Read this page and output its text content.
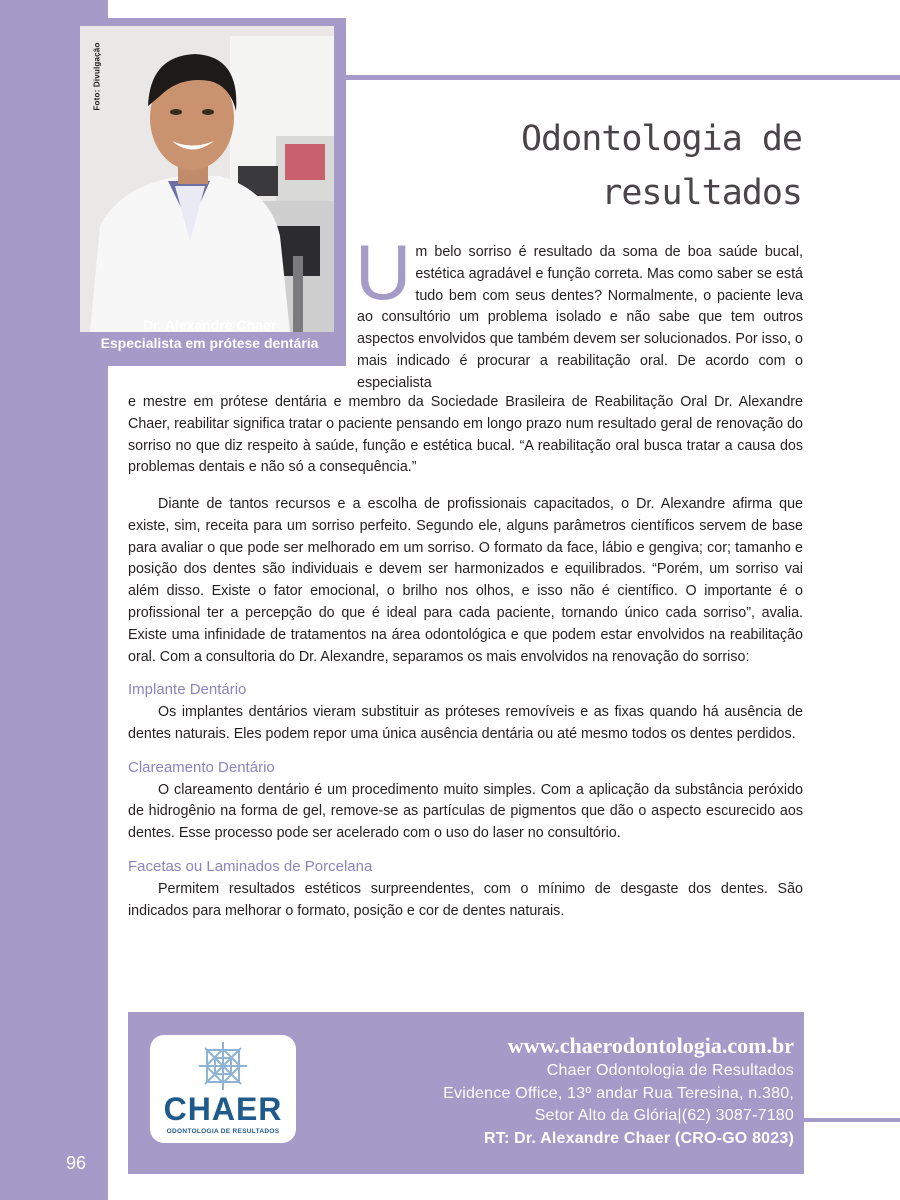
96
Foto: Divulgação
Dr. Alexandre Chaer
Especialista em prótese dentária
Odontologia de
resultados
Um belo sorriso é resultado da soma de boa saúde bucal, estética agradável e função correta. Mas como saber se está tudo bem com seus dentes? Normalmente, o paciente leva ao consultório um problema isolado e não sabe que tem outros aspectos envolvidos que também devem ser solucionados. Por isso, o mais indicado é procurar a reabilitação oral. De acordo com o especialista
e mestre em prótese dentária e membro da Sociedade Brasileira de Reabilitação Oral Dr. Alexandre Chaer, reabilitar significa tratar o paciente pensando em longo prazo num resultado geral de renovação do sorriso no que diz respeito à saúde, função e estética bucal. “A reabilitação oral busca tratar a causa dos problemas dentais e não só a consequência.”

Diante de tantos recursos e a escolha de profissionais capacitados, o Dr. Alexandre afirma que existe, sim, receita para um sorriso perfeito. Segundo ele, alguns parâmetros científicos servem de base para avaliar o que pode ser melhorado em um sorriso. O formato da face, lábio e gengiva; cor; tamanho e posição dos dentes são individuais e devem ser harmonizados e equilibrados. “Porém, um sorriso vai além disso. Existe o fator emocional, o brilho nos olhos, e isso não é científico. O importante é o profissional ter a percepção do que é ideal para cada paciente, tornando único cada sorriso”, avalia. Existe uma infinidade de tratamentos na área odontológica e que podem estar envolvidos na reabilitação oral. Com a consultoria do Dr. Alexandre, separamos os mais envolvidos na renovação do sorriso:

Implante Dentário

Os implantes dentários vieram substituir as próteses removíveis e as fixas quando há ausência de dentes naturais. Eles podem repor uma única ausência dentária ou até mesmo todos os dentes perdidos.

Clareamento Dentário

O clareamento dentário é um procedimento muito simples. Com a aplicação da substância peróxido de hidrogênio na forma de gel, remove-se as partículas de pigmentos que dão o aspecto escurecido aos dentes. Esse processo pode ser acelerado com o uso do laser no consultório.

Facetas ou Laminados de Porcelana

Permitem resultados estéticos surpreendentes, com o mínimo de desgaste dos dentes. São indicados para melhorar o formato, posição e cor de dentes naturais.

CHAER
ODONTOLOGIA DE RESULTADOS
www.chaerodontologia.com.br
Chaer Odontologia de Resultados
Evidence Office, 13º andar Rua Teresina, n.380,
Setor Alto da Glória|(62) 3087-7180
RT: Dr. Alexandre Chaer (CRO-GO 8023)
